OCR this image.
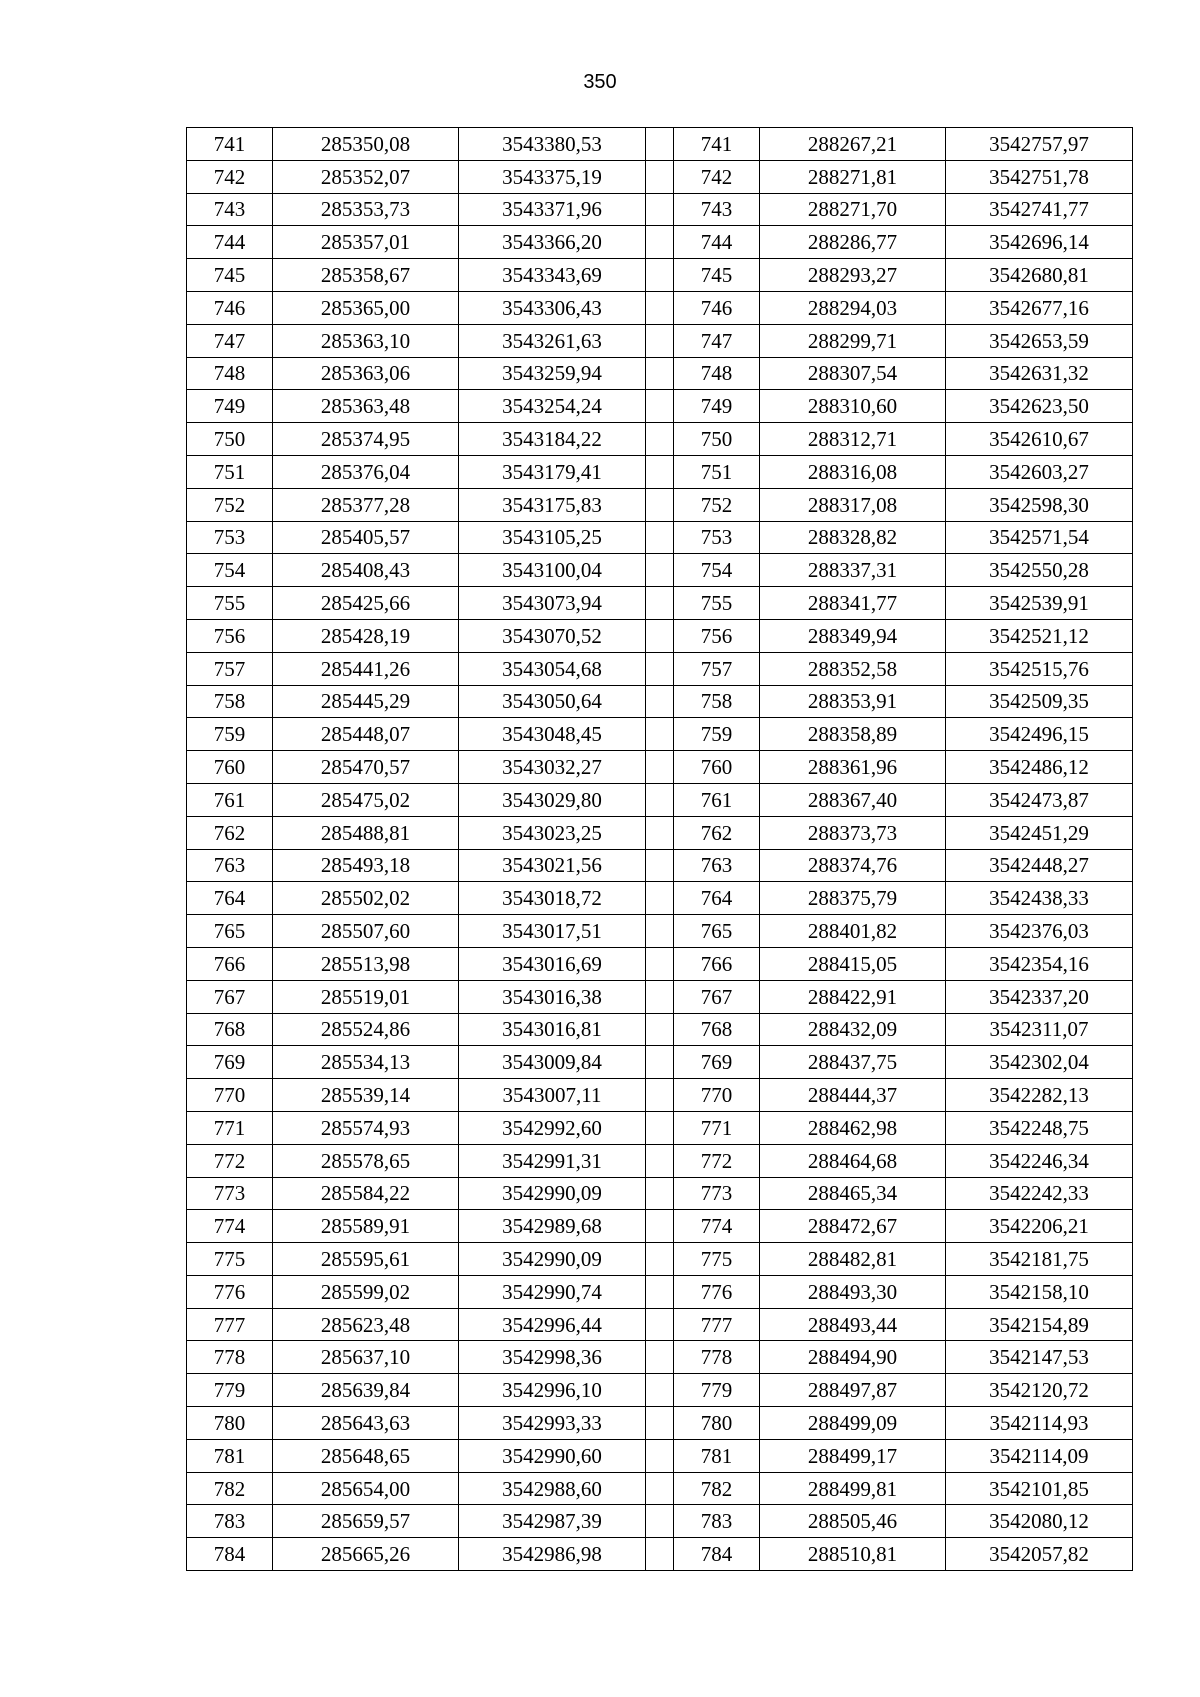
350
741	285350,08	3543380,53		741	288267,21	3542757,97
742	285352,07	3543375,19		742	288271,81	3542751,78
743	285353,73	3543371,96		743	288271,70	3542741,77
744	285357,01	3543366,20		744	288286,77	3542696,14
745	285358,67	3543343,69		745	288293,27	3542680,81
746	285365,00	3543306,43		746	288294,03	3542677,16
747	285363,10	3543261,63		747	288299,71	3542653,59
748	285363,06	3543259,94		748	288307,54	3542631,32
749	285363,48	3543254,24		749	288310,60	3542623,50
750	285374,95	3543184,22		750	288312,71	3542610,67
751	285376,04	3543179,41		751	288316,08	3542603,27
752	285377,28	3543175,83		752	288317,08	3542598,30
753	285405,57	3543105,25		753	288328,82	3542571,54
754	285408,43	3543100,04		754	288337,31	3542550,28
755	285425,66	3543073,94		755	288341,77	3542539,91
756	285428,19	3543070,52		756	288349,94	3542521,12
757	285441,26	3543054,68		757	288352,58	3542515,76
758	285445,29	3543050,64		758	288353,91	3542509,35
759	285448,07	3543048,45		759	288358,89	3542496,15
760	285470,57	3543032,27		760	288361,96	3542486,12
761	285475,02	3543029,80		761	288367,40	3542473,87
762	285488,81	3543023,25		762	288373,73	3542451,29
763	285493,18	3543021,56		763	288374,76	3542448,27
764	285502,02	3543018,72		764	288375,79	3542438,33
765	285507,60	3543017,51		765	288401,82	3542376,03
766	285513,98	3543016,69		766	288415,05	3542354,16
767	285519,01	3543016,38		767	288422,91	3542337,20
768	285524,86	3543016,81		768	288432,09	3542311,07
769	285534,13	3543009,84		769	288437,75	3542302,04
770	285539,14	3543007,11		770	288444,37	3542282,13
771	285574,93	3542992,60		771	288462,98	3542248,75
772	285578,65	3542991,31		772	288464,68	3542246,34
773	285584,22	3542990,09		773	288465,34	3542242,33
774	285589,91	3542989,68		774	288472,67	3542206,21
775	285595,61	3542990,09		775	288482,81	3542181,75
776	285599,02	3542990,74		776	288493,30	3542158,10
777	285623,48	3542996,44		777	288493,44	3542154,89
778	285637,10	3542998,36		778	288494,90	3542147,53
779	285639,84	3542996,10		779	288497,87	3542120,72
780	285643,63	3542993,33		780	288499,09	3542114,93
781	285648,65	3542990,60		781	288499,17	3542114,09
782	285654,00	3542988,60		782	288499,81	3542101,85
783	285659,57	3542987,39		783	288505,46	3542080,12
784	285665,26	3542986,98		784	288510,81	3542057,82
